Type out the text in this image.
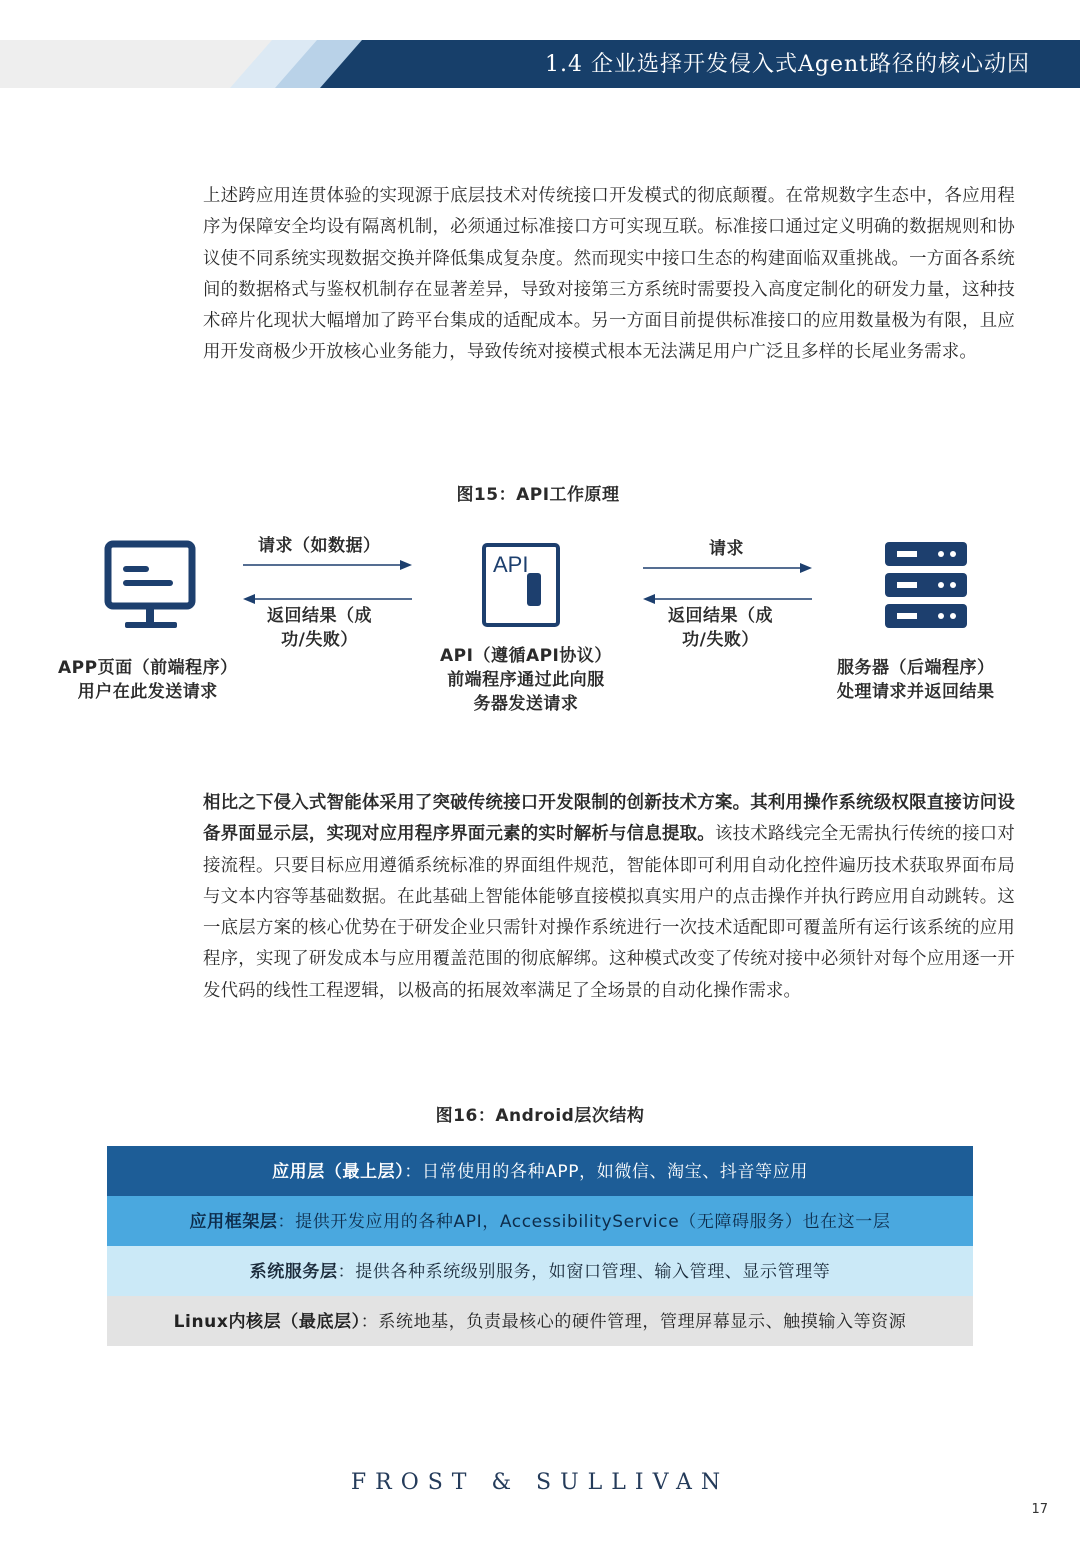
1.4 企业选择开发侵入式Agent路径的核心动因

上述跨应用连贯体验的实现源于底层技术对传统接口开发模式的彻底颠覆。在常规数字生态中，各应用程序为保障安全均设有隔离机制，必须通过标准接口方可实现互联。标准接口通过定义明确的数据规则和协议使不同系统实现数据交换并降低集成复杂度。然而现实中接口生态的构建面临双重挑战。一方面各系统间的数据格式与鉴权机制存在显著差异，导致对接第三方系统时需要投入高度定制化的研发力量，这种技术碎片化现状大幅增加了跨平台集成的适配成本。另一方面目前提供标准接口的应用数量极为有限，且应用开发商极少开放核心业务能力，导致传统对接模式根本无法满足用户广泛且多样的长尾业务需求。

图15：API工作原理
API
请求（如数据）
返回结果（成
功/失败）
请求
返回结果（成
功/失败）
APP页面（前端程序）
用户在此发送请求
API（遵循API协议）
前端程序通过此向服
务器发送请求
服务器（后端程序）
处理请求并返回结果

相比之下侵入式智能体采用了突破传统接口开发限制的创新技术方案。其利用操作系统级权限直接访问设备界面显示层，实现对应用程序界面元素的实时解析与信息提取。该技术路线完全无需执行传统的接口对接流程。只要目标应用遵循系统标准的界面组件规范，智能体即可利用自动化控件遍历技术获取界面布局与文本内容等基础数据。在此基础上智能体能够直接模拟真实用户的点击操作并执行跨应用自动跳转。这一底层方案的核心优势在于研发企业只需针对操作系统进行一次技术适配即可覆盖所有运行该系统的应用程序，实现了研发成本与应用覆盖范围的彻底解绑。这种模式改变了传统对接中必须针对每个应用逐一开发代码的线性工程逻辑，以极高的拓展效率满足了全场景的自动化操作需求。

图16：Android层次结构
应用层（最上层）：日常使用的各种APP，如微信、淘宝、抖音等应用
应用框架层：提供开发应用的各种API，AccessibilityService（无障碍服务）也在这一层
系统服务层：提供各种系统级别服务，如窗口管理、输入管理、显示管理等
Linux内核层（最底层）：系统地基，负责最核心的硬件管理，管理屏幕显示、触摸输入等资源
FROST & SULLIVAN
17
